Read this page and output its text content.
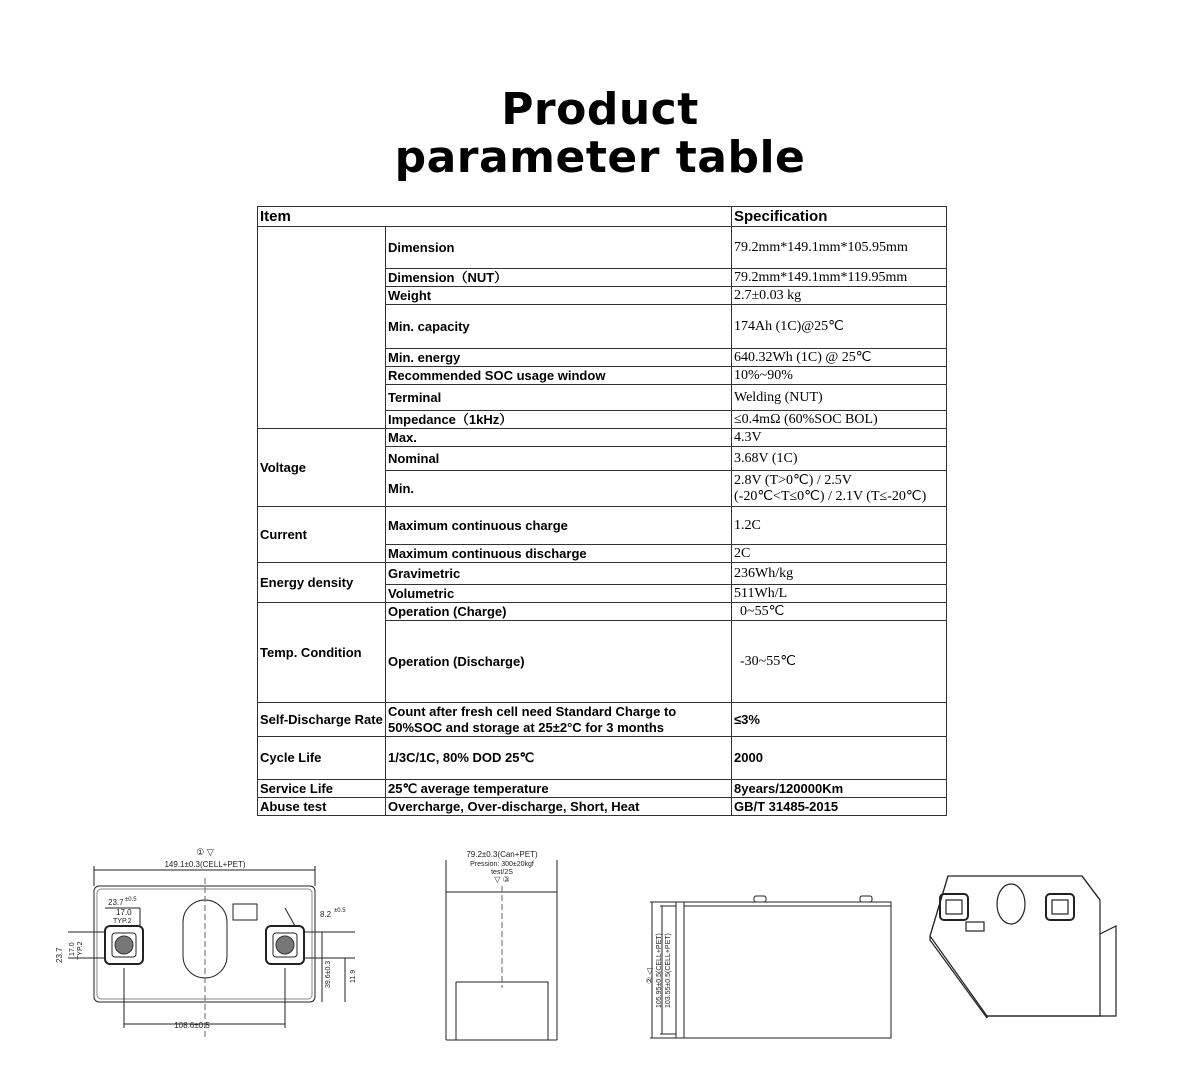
Product
parameter table
Item		Specification
	Dimension	79.2mm*149.1mm*105.95mm
	Dimension（NUT）	79.2mm*149.1mm*119.95mm
	Weight	2.7±0.03 kg
	Min. capacity	174Ah (1C)@25℃
	Min. energy	640.32Wh (1C) @ 25℃
	Recommended SOC usage window	10%~90%
	Terminal	Welding (NUT)
	Impedance（1kHz）	≤0.4mΩ (60%SOC BOL)
Voltage	Max.	4.3V
	Nominal	3.68V (1C)
	Min.	2.8V (T>0℃) / 2.5V (-20℃<T≤0℃) / 2.1V (T≤-20℃)
Current	Maximum continuous charge	1.2C
	Maximum continuous discharge	2C
Energy density	Gravimetric	236Wh/kg
	Volumetric	511Wh/L
Temp. Condition	Operation (Charge)	0~55℃
	Operation (Discharge)	-30~55℃
Self-Discharge Rate	Count after fresh cell need Standard Charge to 50%SOC and storage at 25±2°C for 3 months	≤3%
Cycle Life	1/3C/1C, 80% DOD 25℃	2000
Service Life	25℃ average temperature	8years/120000Km
Abuse test	Overcharge, Over-discharge, Short, Heat	GB/T 31485-2015
① ▽
149.1±0.3(CELL+PET)
23.7 ±0.5
17.0
TYP.2
8.2 ±0.5
23.7 17.0 TYP.2
39.6±0.3	11.9
108.6±0.5
79.2±0.3(Can+PET)
Pression: 300±20kgf
test/2S
▽ ③
105.95±0.5(CELL+PET) 103.55±0.5(CELL+PET)
② ◁
